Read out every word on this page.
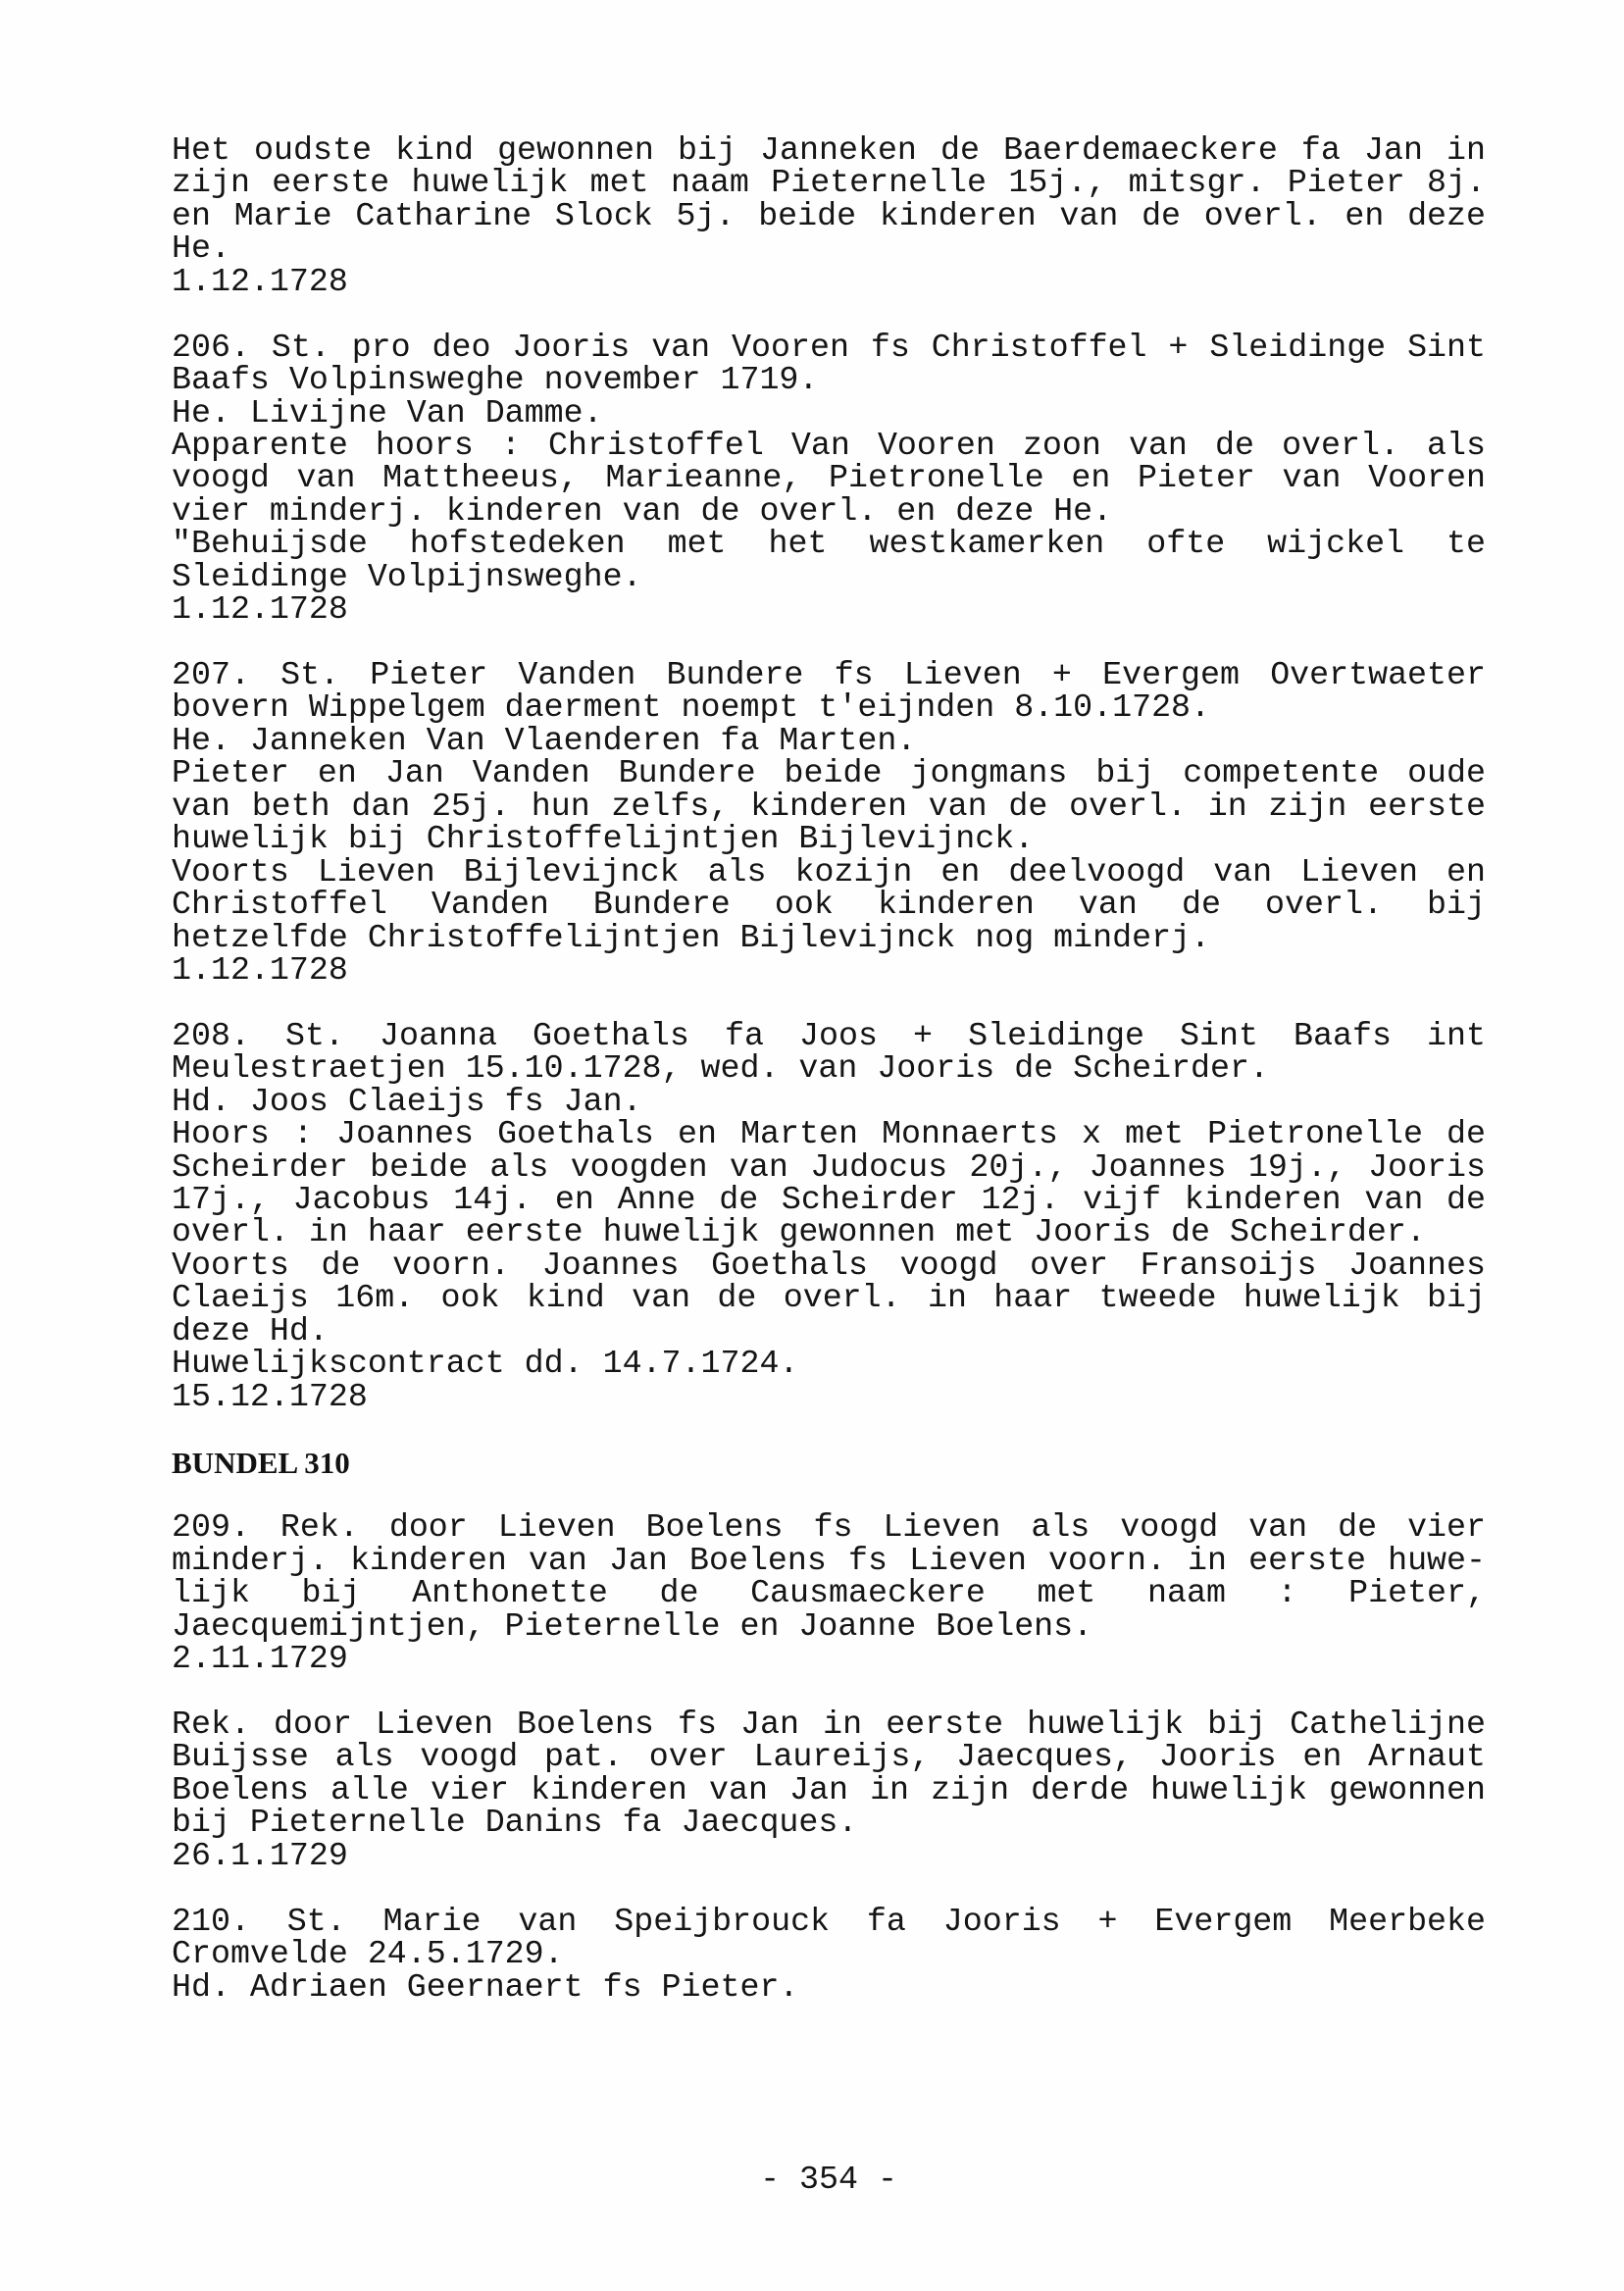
Het oudste kind gewonnen bij Janneken de Baerdemaeckere fa Jan in
zijn eerste huwelijk met naam Pieternelle 15j., mitsgr. Pieter 8j.
en Marie Catharine Slock 5j. beide kinderen van de overl. en deze
He.
1.12.1728
206. St. pro deo Jooris van Vooren fs Christoffel + Sleidinge Sint
Baafs Volpinsweghe november 1719.
He. Livijne Van Damme.
Apparente hoors : Christoffel Van Vooren zoon van de overl. als
voogd van Mattheeus, Marieanne, Pietronelle en Pieter van Vooren
vier minderj. kinderen van de overl. en deze He.
"Behuijsde hofstedeken met het westkamerken ofte wijckel te
Sleidinge Volpijnsweghe.
1.12.1728
207. St. Pieter Vanden Bundere fs Lieven + Evergem Overtwaeter
bovern Wippelgem daerment noempt t'eijnden 8.10.1728.
He. Janneken Van Vlaenderen fa Marten.
Pieter en Jan Vanden Bundere beide jongmans bij competente oude
van beth dan 25j. hun zelfs, kinderen van de overl. in zijn eerste
huwelijk bij Christoffelijntjen Bijlevijnck.
Voorts Lieven Bijlevijnck als kozijn en deelvoogd van Lieven en
Christoffel Vanden Bundere ook kinderen van de overl. bij
hetzelfde Christoffelijntjen Bijlevijnck nog minderj.
1.12.1728
208. St. Joanna Goethals fa Joos + Sleidinge Sint Baafs int
Meulestraetjen 15.10.1728, wed. van Jooris de Scheirder.
Hd. Joos Claeijs fs Jan.
Hoors : Joannes Goethals en Marten Monnaerts x met Pietronelle de
Scheirder beide als voogden van Judocus 20j., Joannes 19j., Jooris
17j., Jacobus 14j. en Anne de Scheirder 12j. vijf kinderen van de
overl. in haar eerste huwelijk gewonnen met Jooris de Scheirder.
Voorts de voorn. Joannes Goethals voogd over Fransoijs Joannes
Claeijs 16m. ook kind van de overl. in haar tweede huwelijk bij
deze Hd.
Huwelijkscontract dd. 14.7.1724.
15.12.1728
BUNDEL 310
209. Rek. door Lieven Boelens fs Lieven als voogd van de vier
minderj. kinderen van Jan Boelens fs Lieven voorn. in eerste huwe-
lijk bij Anthonette de Causmaeckere met naam : Pieter,
Jaecquemijntjen, Pieternelle en Joanne Boelens.
2.11.1729
Rek. door Lieven Boelens fs Jan in eerste huwelijk bij Cathelijne
Buijsse als voogd pat. over Laureijs, Jaecques, Jooris en Arnaut
Boelens alle vier kinderen van Jan in zijn derde huwelijk gewonnen
bij Pieternelle Danins fa Jaecques.
26.1.1729
210. St. Marie van Speijbrouck fa Jooris + Evergem Meerbeke
Cromvelde 24.5.1729.
Hd. Adriaen Geernaert fs Pieter.
- 354 -
